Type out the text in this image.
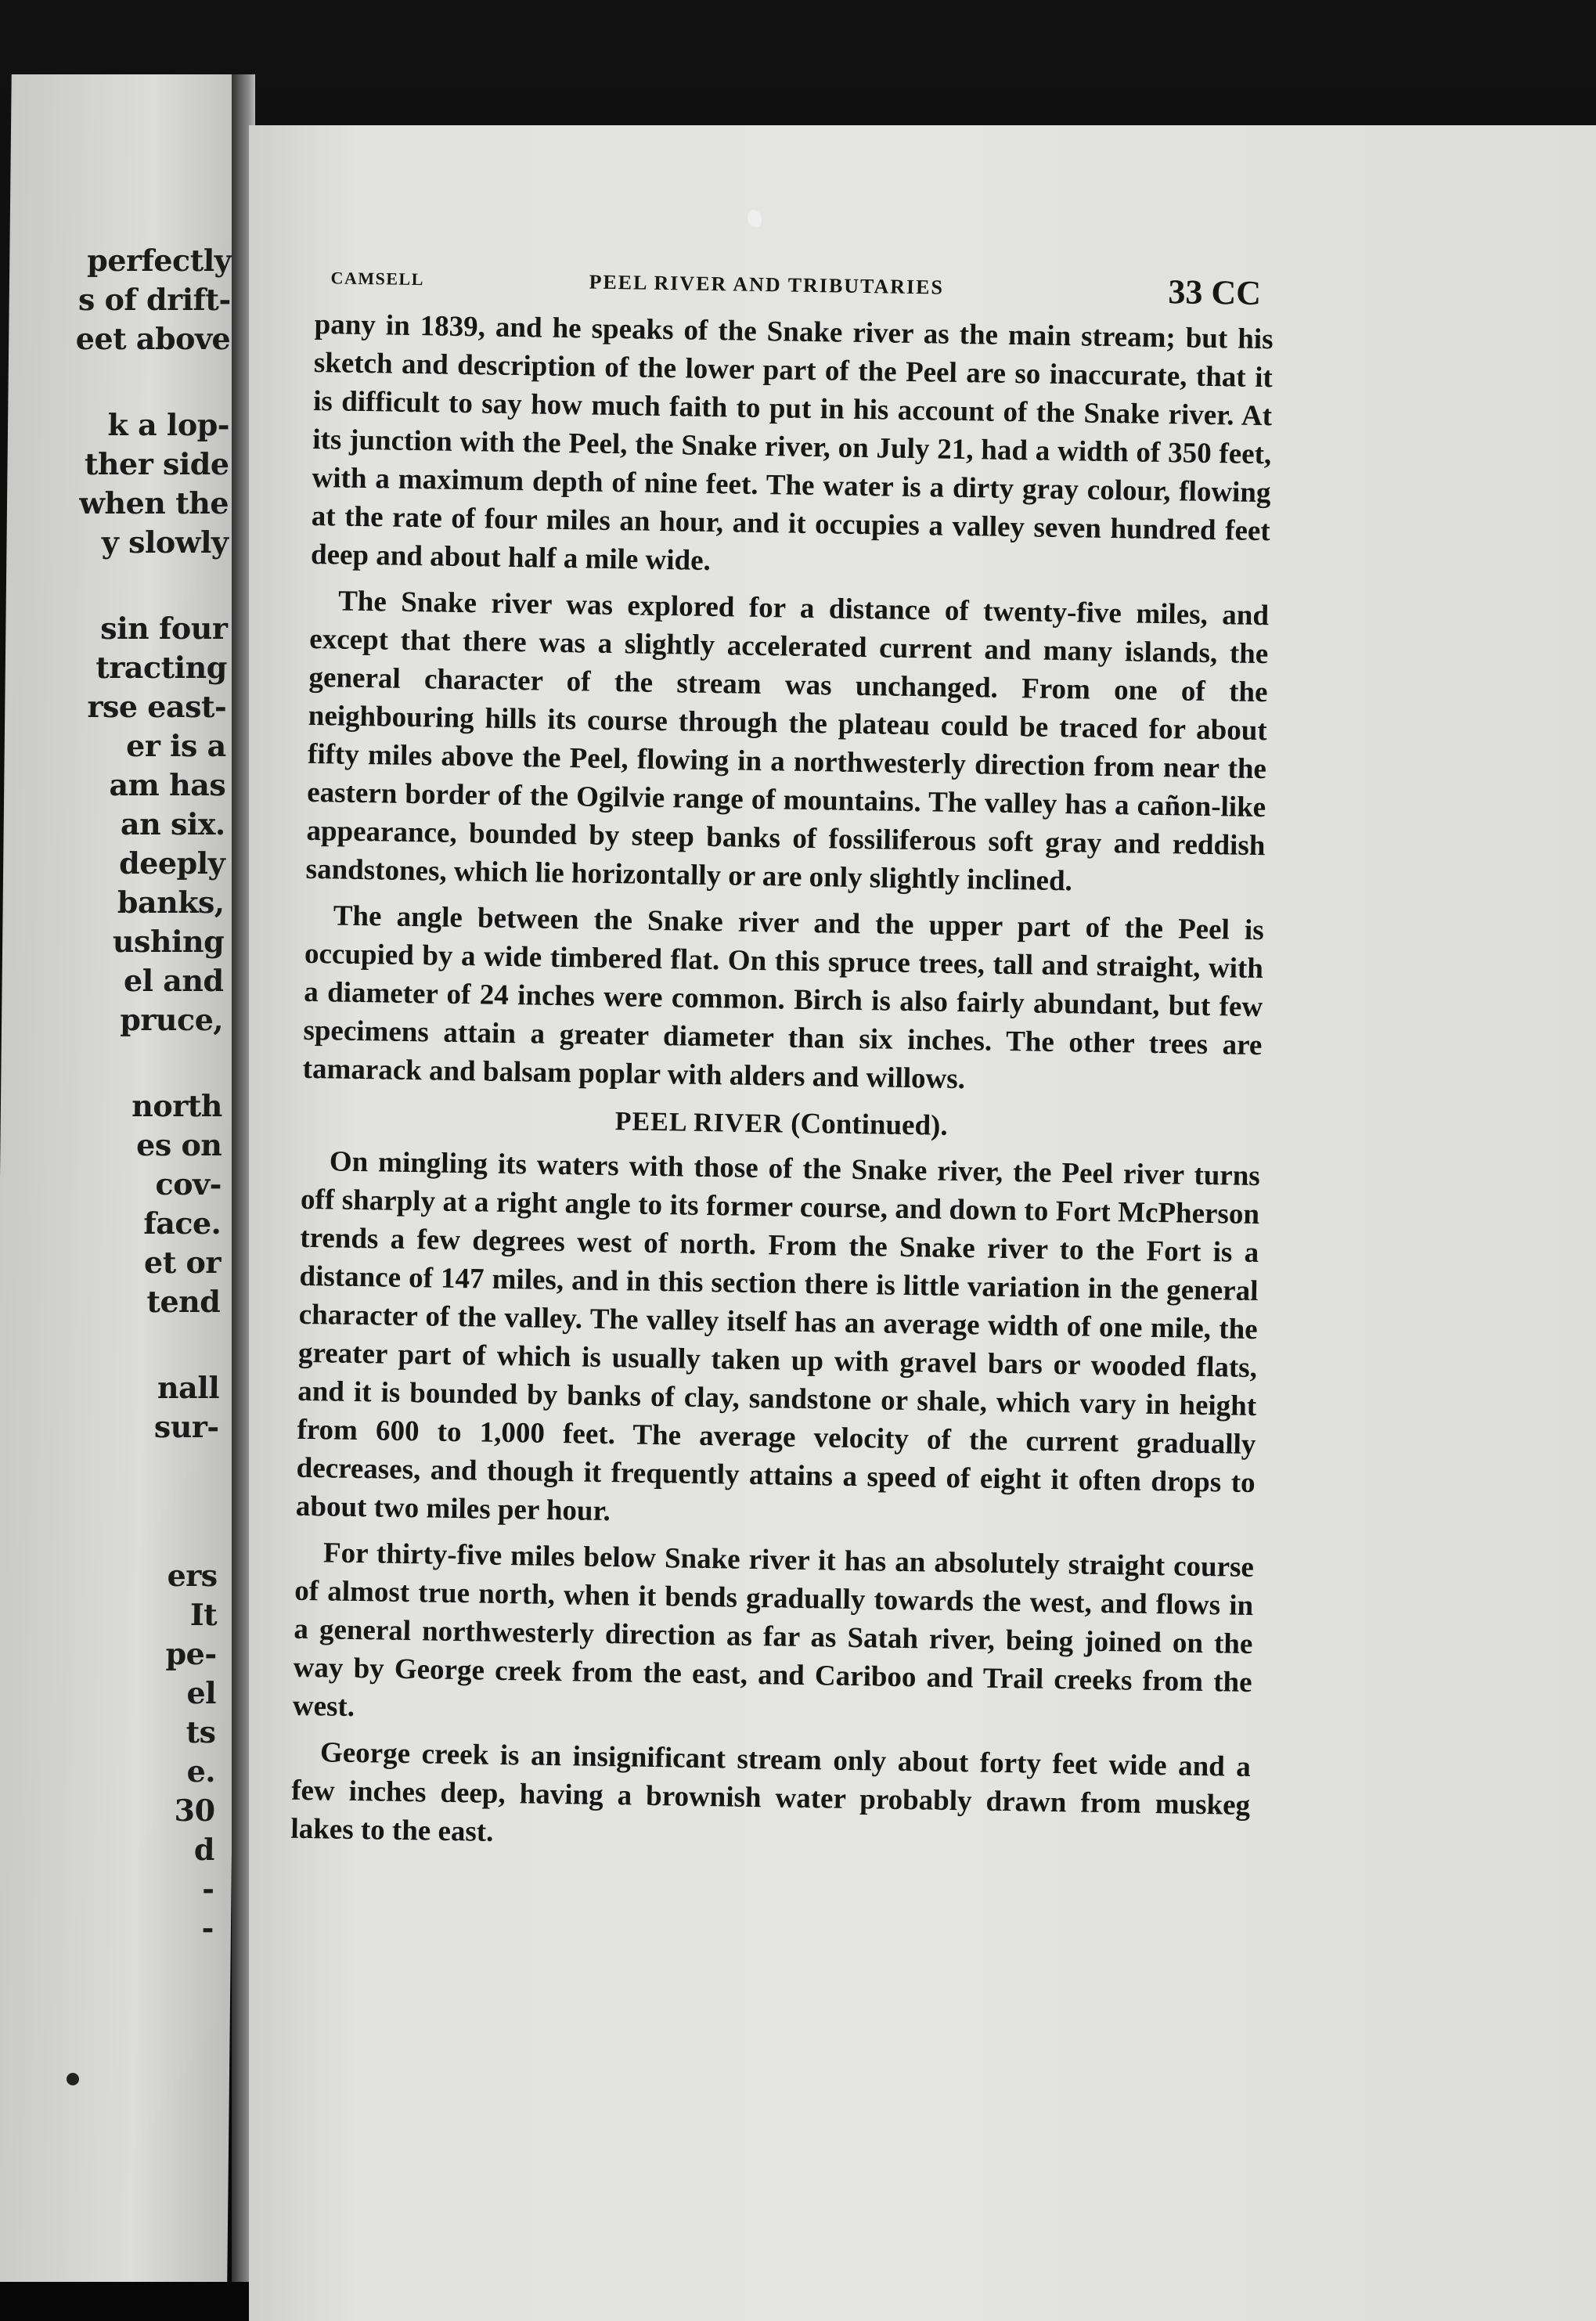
perfectly
s of drift-
eet above
k a lop-
ther side
when the
y slowly
sin four
tracting
rse east-
er is a
am has
an six.
deeply
banks,
ushing
el and
pruce,
north
es on
cov-
face.
et or
tend
nall
sur-
ers
It
pe-
el
ts
e.
30
d
-
-
CAMSELL	PEEL RIVER AND TRIBUTARIES	33 CC

pany in 1839, and he speaks of the Snake river as the main stream; but his sketch and description of the lower part of the Peel are so inaccurate, that it is difficult to say how much faith to put in his account of the Snake river. At its junction with the Peel, the Snake river, on July 21, had a width of 350 feet, with a maximum depth of nine feet. The water is a dirty gray colour, flowing at the rate of four miles an hour, and it occupies a valley seven hundred feet deep and about half a mile wide.

The Snake river was explored for a distance of twenty-five miles, and except that there was a slightly accelerated current and many islands, the general character of the stream was unchanged. From one of the neighbouring hills its course through the plateau could be traced for about fifty miles above the Peel, flowing in a northwesterly direction from near the eastern border of the Ogilvie range of mountains. The valley has a cañon-like appearance, bounded by steep banks of fossiliferous soft gray and reddish sandstones, which lie horizontally or are only slightly inclined.

The angle between the Snake river and the upper part of the Peel is occupied by a wide timbered flat. On this spruce trees, tall and straight, with a diameter of 24 inches were common. Birch is also fairly abundant, but few specimens attain a greater diameter than six inches. The other trees are tamarack and balsam poplar with alders and willows.

PEEL RIVER (Continued).

On mingling its waters with those of the Snake river, the Peel river turns off sharply at a right angle to its former course, and down to Fort McPherson trends a few degrees west of north. From the Snake river to the Fort is a distance of 147 miles, and in this section there is little variation in the general character of the valley. The valley itself has an average width of one mile, the greater part of which is usually taken up with gravel bars or wooded flats, and it is bounded by banks of clay, sandstone or shale, which vary in height from 600 to 1,000 feet. The average velocity of the current gradually decreases, and though it frequently attains a speed of eight it often drops to about two miles per hour.

For thirty-five miles below Snake river it has an absolutely straight course of almost true north, when it bends gradually towards the west, and flows in a general northwesterly direction as far as Satah river, being joined on the way by George creek from the east, and Cariboo and Trail creeks from the west.

George creek is an insignificant stream only about forty feet wide and a few inches deep, having a brownish water probably drawn from muskeg lakes to the east.
